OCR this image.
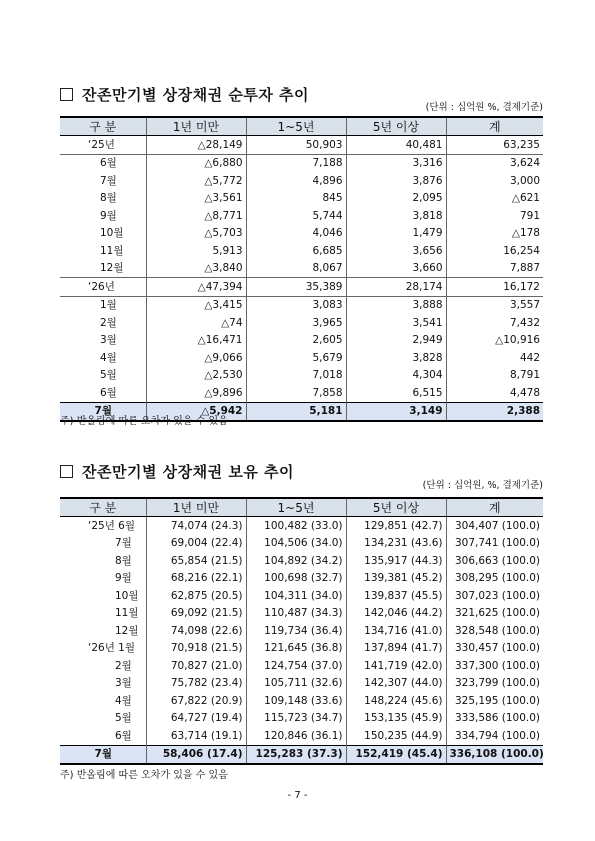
잔존만기별 상장채권 순투자 추이
(단위 : 십억원 %, 결제기준)
구 분	1년 미만	1~5년	5년 이상	계
‘25년	△28,149	50,903	40,481	63,235
6월	△6,880	7,188	3,316	3,624
7월	△5,772	4,896	3,876	3,000
8월	△3,561	845	2,095	△621
9월	△8,771	5,744	3,818	791
10월	△5,703	4,046	1,479	△178
11월	5,913	6,685	3,656	16,254
12월	△3,840	8,067	3,660	7,887
‘26년	△47,394	35,389	28,174	16,172
1월	△3,415	3,083	3,888	3,557
2월	△74	3,965	3,541	7,432
3월	△16,471	2,605	2,949	△10,916
4월	△9,066	5,679	3,828	442
5월	△2,530	7,018	4,304	8,791
6월	△9,896	7,858	6,515	4,478
7월	△5,942	5,181	3,149	2,388
주) 반올림에 따른 오차가 있을 수 있음
잔존만기별 상장채권 보유 추이
(단위 : 십억원, %, 결제기준)
구 분	1년 미만	1~5년	5년 이상	계
‘25년 6월	74,074 (24.3)	100,482 (33.0)	129,851 (42.7)	304,407 (100.0)
7월	69,004 (22.4)	104,506 (34.0)	134,231 (43.6)	307,741 (100.0)
8월	65,854 (21.5)	104,892 (34.2)	135,917 (44.3)	306,663 (100.0)
9월	68,216 (22.1)	100,698 (32.7)	139,381 (45.2)	308,295 (100.0)
10월	62,875 (20.5)	104,311 (34.0)	139,837 (45.5)	307,023 (100.0)
11월	69,092 (21.5)	110,487 (34.3)	142,046 (44.2)	321,625 (100.0)
12월	74,098 (22.6)	119,734 (36.4)	134,716 (41.0)	328,548 (100.0)
‘26년 1월	70,918 (21.5)	121,645 (36.8)	137,894 (41.7)	330,457 (100.0)
2월	70,827 (21.0)	124,754 (37.0)	141,719 (42.0)	337,300 (100.0)
3월	75,782 (23.4)	105,711 (32.6)	142,307 (44.0)	323,799 (100.0)
4월	67,822 (20.9)	109,148 (33.6)	148,224 (45.6)	325,195 (100.0)
5월	64,727 (19.4)	115,723 (34.7)	153,135 (45.9)	333,586 (100.0)
6월	63,714 (19.1)	120,846 (36.1)	150,235 (44.9)	334,794 (100.0)
7월	58,406 (17.4)	125,283 (37.3)	152,419 (45.4)	336,108 (100.0)
주) 반올림에 따른 오차가 있을 수 있음
- 7 -
